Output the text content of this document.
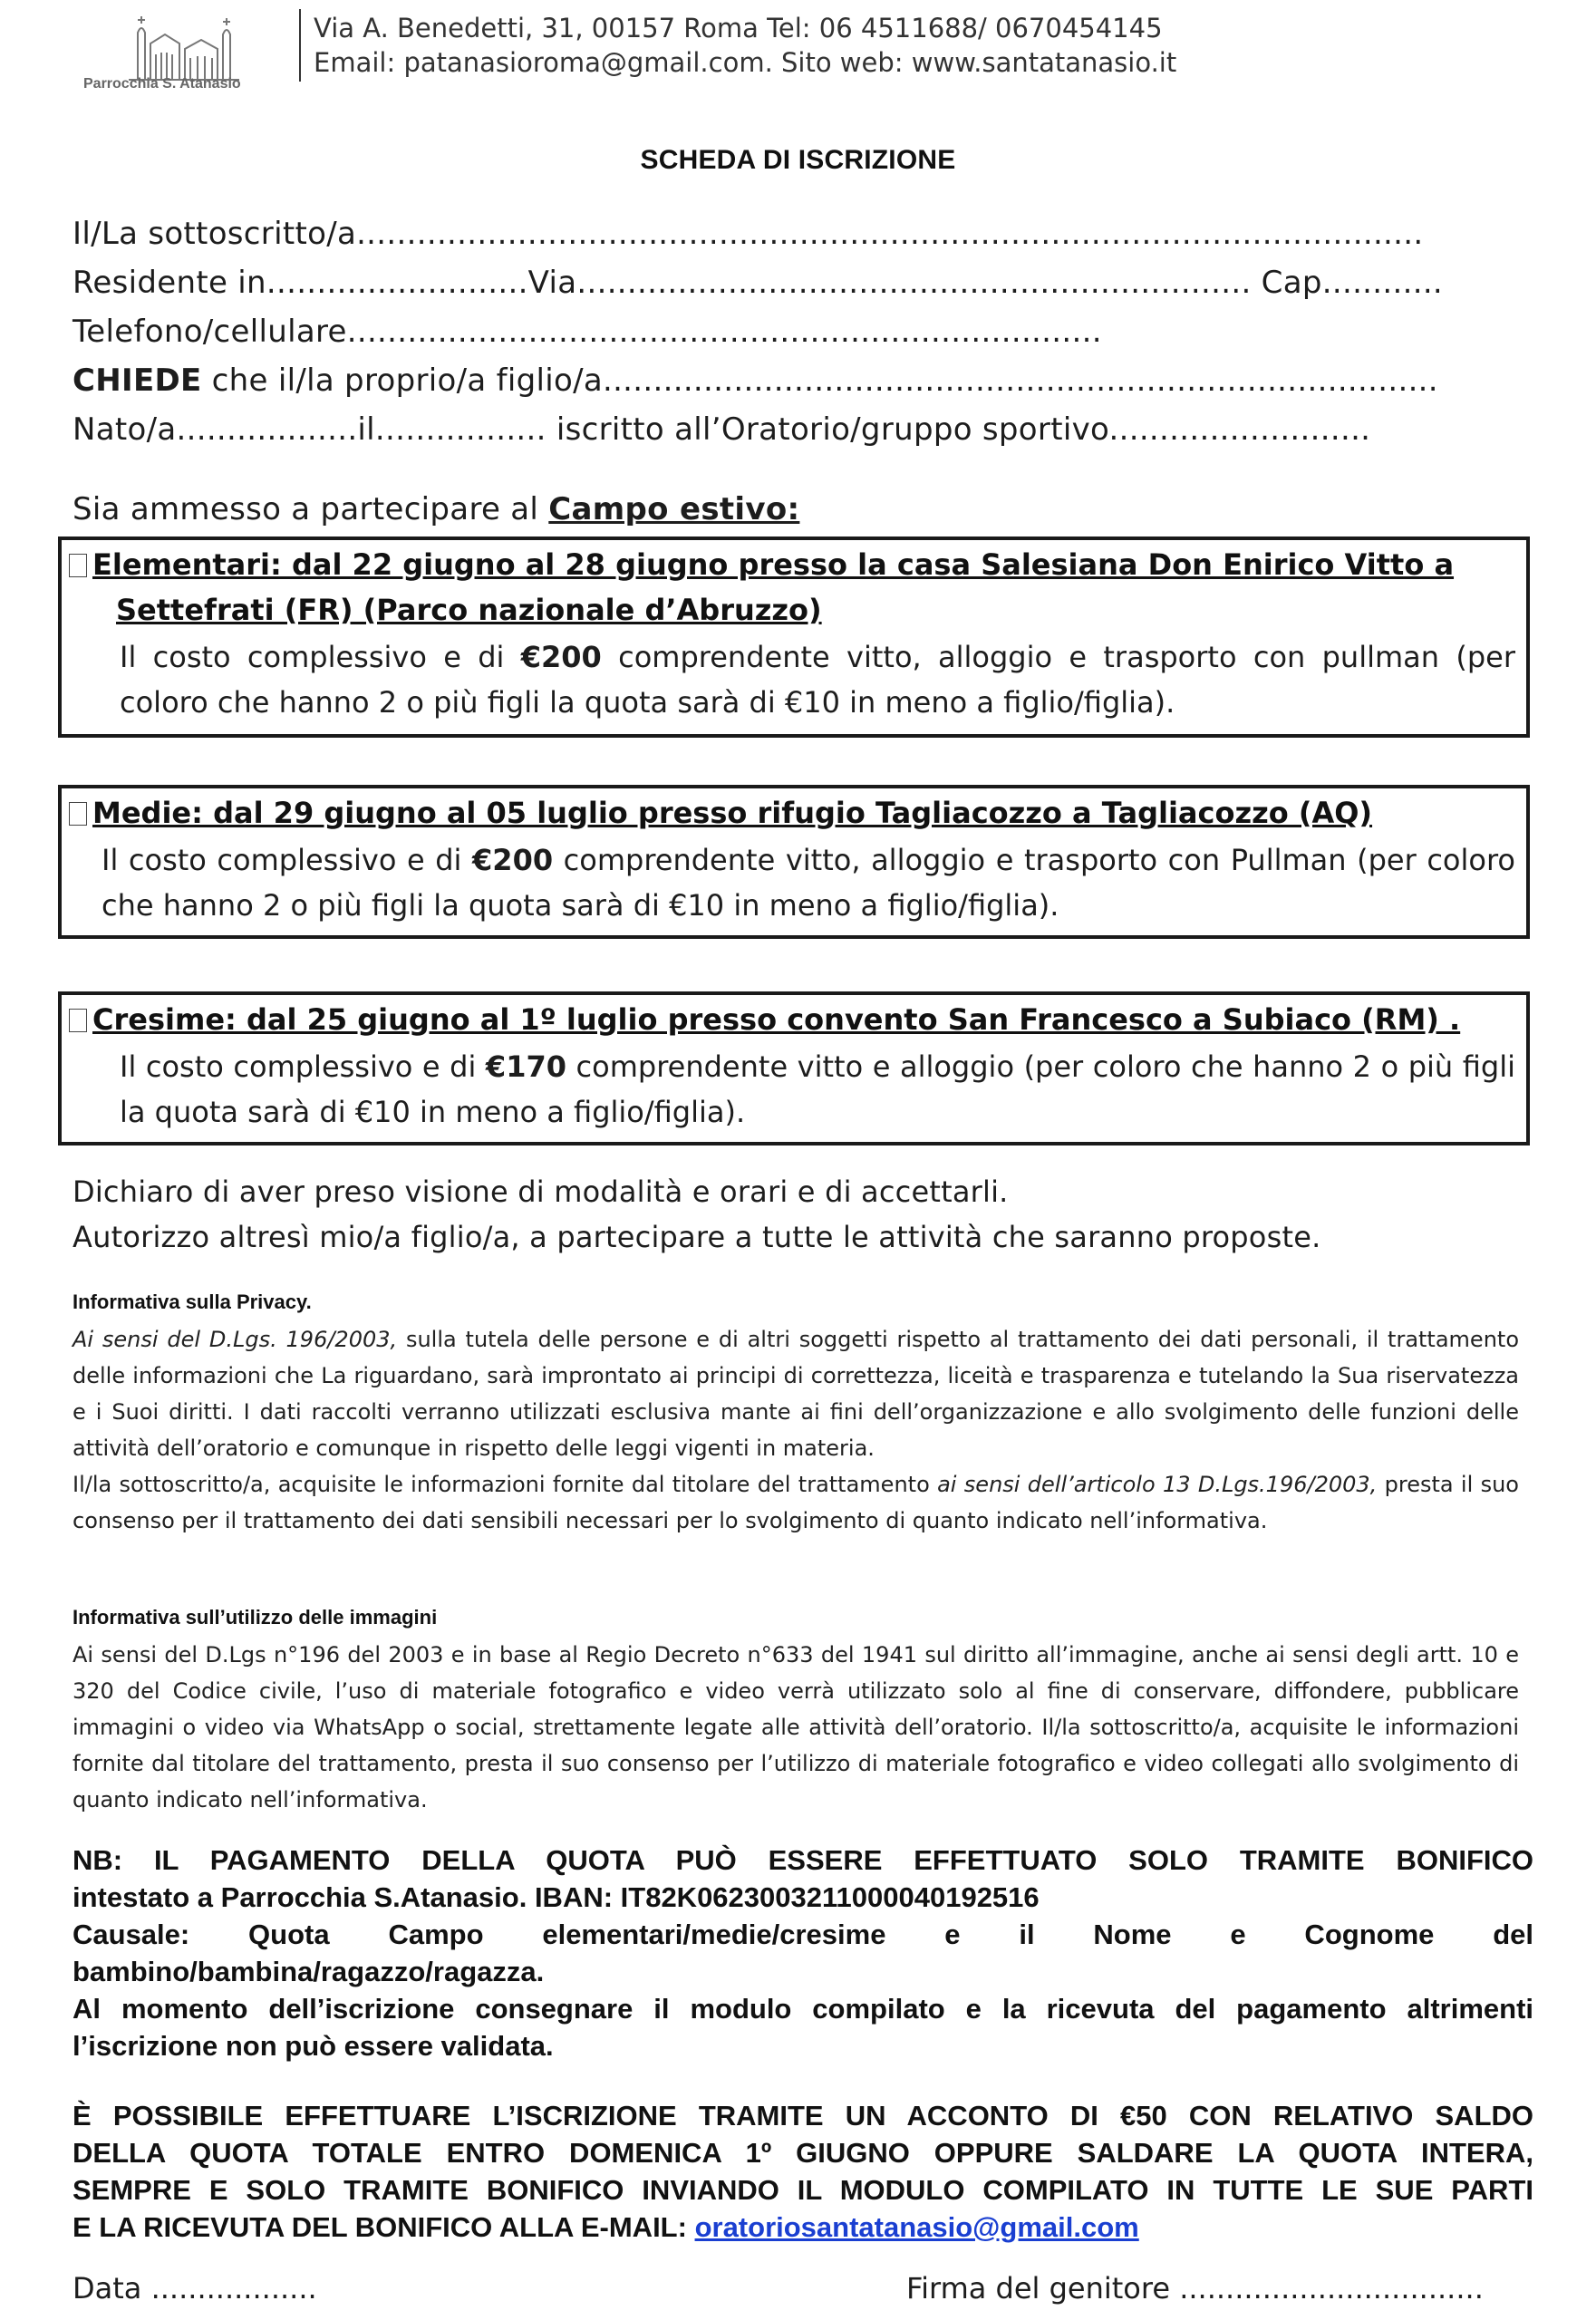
Parrocchia S. Atanasio
Via A. Benedetti, 31, 00157 Roma Tel: 06 4511688/ 0670454145
Email: patanasioroma@gmail.com. Sito web: www.santatanasio.it
SCHEDA DI ISCRIZIONE
Il/La sottoscritto/a..........................................................................................................
Residente in..........................Via................................................................... Cap............
Telefono/cellulare...........................................................................
CHIEDE che il/la proprio/a figlio/a...................................................................................
Nato/a..................il................. iscritto all’Oratorio/gruppo sportivo..........................
Sia ammesso a partecipare al Campo estivo:
Elementari: dal 22 giugno al 28 giugno presso la casa Salesiana Don Enirico Vitto a
Settefrati (FR) (Parco nazionale d’Abruzzo)
Il costo complessivo e di €200 comprendente vitto, alloggio e trasporto con pullman (per coloro che hanno 2 o più figli la quota sarà di €10 in meno a figlio/figlia).
Medie: dal 29 giugno al 05 luglio presso rifugio Tagliacozzo a Tagliacozzo (AQ)
Il costo complessivo e di €200 comprendente vitto, alloggio e trasporto con Pullman (per coloro che hanno 2 o più figli la quota sarà di €10 in meno a figlio/figlia).
Cresime: dal 25 giugno al 1º luglio presso convento San Francesco a Subiaco (RM) .
Il costo complessivo e di €170 comprendente vitto e alloggio (per coloro che hanno 2 o più figli la quota sarà di €10 in meno a figlio/figlia).
Dichiaro di aver preso visione di modalità e orari e di accettarli.
Autorizzo altresì mio/a figlio/a, a partecipare a tutte le attività che saranno proposte.
Informativa sulla Privacy.
Ai sensi del D.Lgs. 196/2003, sulla tutela delle persone e di altri soggetti rispetto al trattamento dei dati personali, il trattamento delle informazioni che La riguardano, sarà improntato ai principi di correttezza, liceità e trasparenza e tutelando la Sua riservatezza e i Suoi diritti. I dati raccolti verranno utilizzati esclusiva mante ai fini dell’organizzazione e allo svolgimento delle funzioni delle attività dell’oratorio e comunque in rispetto delle leggi vigenti in materia.
Il/la sottoscritto/a, acquisite le informazioni fornite dal titolare del trattamento ai sensi dell’articolo 13 D.Lgs.196/2003, presta il suo consenso per il trattamento dei dati sensibili necessari per lo svolgimento di quanto indicato nell’informativa.
Informativa sull’utilizzo delle immagini
Ai sensi del D.Lgs n°196 del 2003 e in base al Regio Decreto n°633 del 1941 sul diritto all’immagine, anche ai sensi degli artt. 10 e 320 del Codice civile, l’uso di materiale fotografico e video verrà utilizzato solo al fine di conservare, diffondere, pubblicare immagini o video via WhatsApp o social, strettamente legate alle attività dell’oratorio. Il/la sottoscritto/a, acquisite le informazioni fornite dal titolare del trattamento, presta il suo consenso per l’utilizzo di materiale fotografico e video collegati allo svolgimento di quanto indicato nell’informativa.
NB: IL PAGAMENTO DELLA QUOTA PUÒ ESSERE EFFETTUATO SOLO TRAMITE BONIFICO
intestato a Parrocchia S.Atanasio. IBAN: IT82K0623003211000040192516
Causale: Quota Campo elementari/medie/cresime e il Nome e Cognome del
bambino/bambina/ragazzo/ragazza.
Al momento dell’iscrizione consegnare il modulo compilato e la ricevuta del pagamento altrimenti
l’iscrizione non può essere validata.
È POSSIBILE EFFETTUARE L’ISCRIZIONE TRAMITE UN ACCONTO DI €50 CON RELATIVO SALDO
DELLA QUOTA TOTALE ENTRO DOMENICA 1º GIUGNO OPPURE SALDARE LA QUOTA INTERA,
SEMPRE E SOLO TRAMITE BONIFICO INVIANDO IL MODULO COMPILATO IN TUTTE LE SUE PARTI
E LA RICEVUTA DEL BONIFICO ALLA E-MAIL: oratoriosantatanasio@gmail.com
Data ..................	Firma del genitore .................................
